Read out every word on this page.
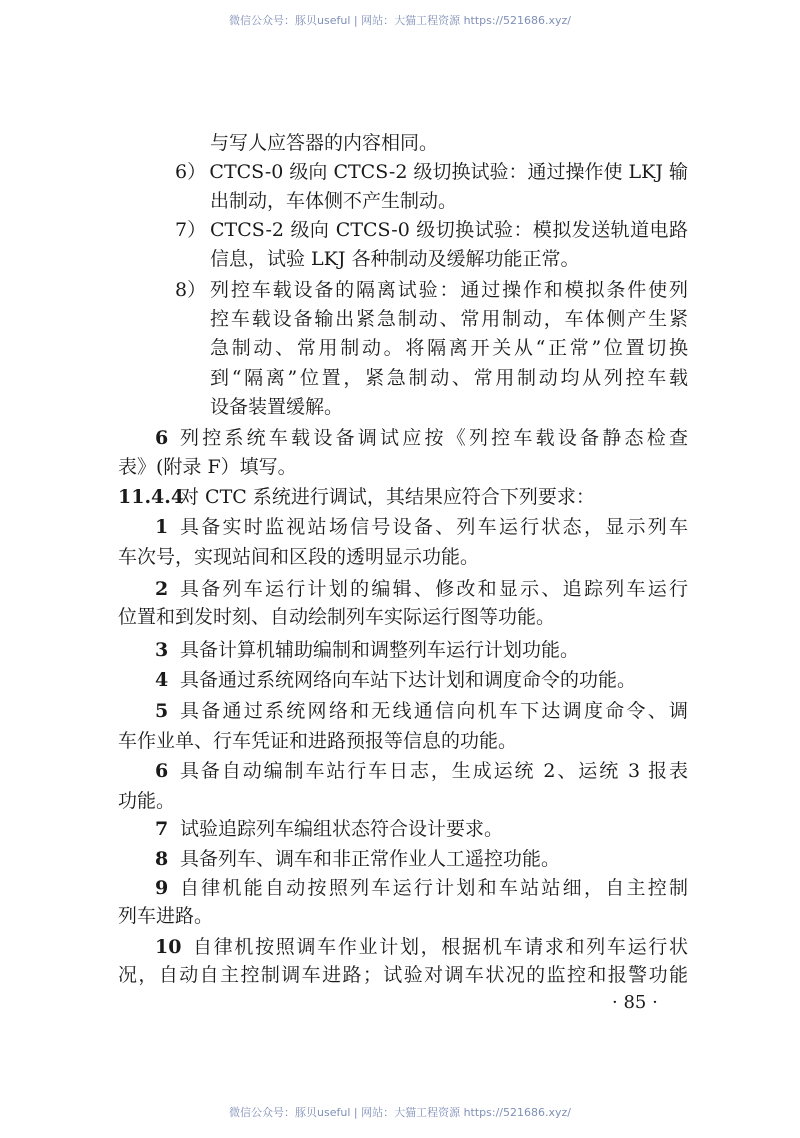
微信公众号：豚贝useful | 网站：大猫工程资源 https://521686.xyz/
与写人应答器的内容相同。
6） CTCS-0 级向 CTCS-2 级切换试验：通过操作使 LKJ 输
出制动，车体侧不产生制动。
7） CTCS-2 级向 CTCS-0 级切换试验：模拟发送轨道电路
信息，试验 LKJ 各种制动及缓解功能正常。
8） 列控车载设备的隔离试验：通过操作和模拟条件使列
控车载设备输出紧急制动、常用制动，车体侧产生紧
急制动、常用制动。将隔离开关从“正常”位置切换
到“隔离”位置，紧急制动、常用制动均从列控车载
设备装置缓解。
6 列控系统车载设备调试应按《列控车载设备静态检查
表》(附录 F）填写。
11.4.4
对 CTC 系统进行调试，其结果应符合下列要求：
1 具备实时监视站场信号设备、列车运行状态，显示列车
车次号，实现站间和区段的透明显示功能。
2 具备列车运行计划的编辑、修改和显示、追踪列车运行
位置和到发时刻、自动绘制列车实际运行图等功能。
3 具备计算机辅助编制和调整列车运行计划功能。
4 具备通过系统网络向车站下达计划和调度命令的功能。
5 具备通过系统网络和无线通信向机车下达调度命令、调
车作业单、行车凭证和进路预报等信息的功能。
6 具备自动编制车站行车日志，生成运统 2、运统 3 报表
功能。
7 试验追踪列车编组状态符合设计要求。
8 具备列车、调车和非正常作业人工遥控功能。
9 自律机能自动按照列车运行计划和车站站细，自主控制
列车进路。
10 自律机按照调车作业计划，根据机车请求和列车运行状
况，自动自主控制调车进路；试验对调车状况的监控和报警功能
· 85 ·
微信公众号：豚贝useful | 网站：大猫工程资源 https://521686.xyz/
